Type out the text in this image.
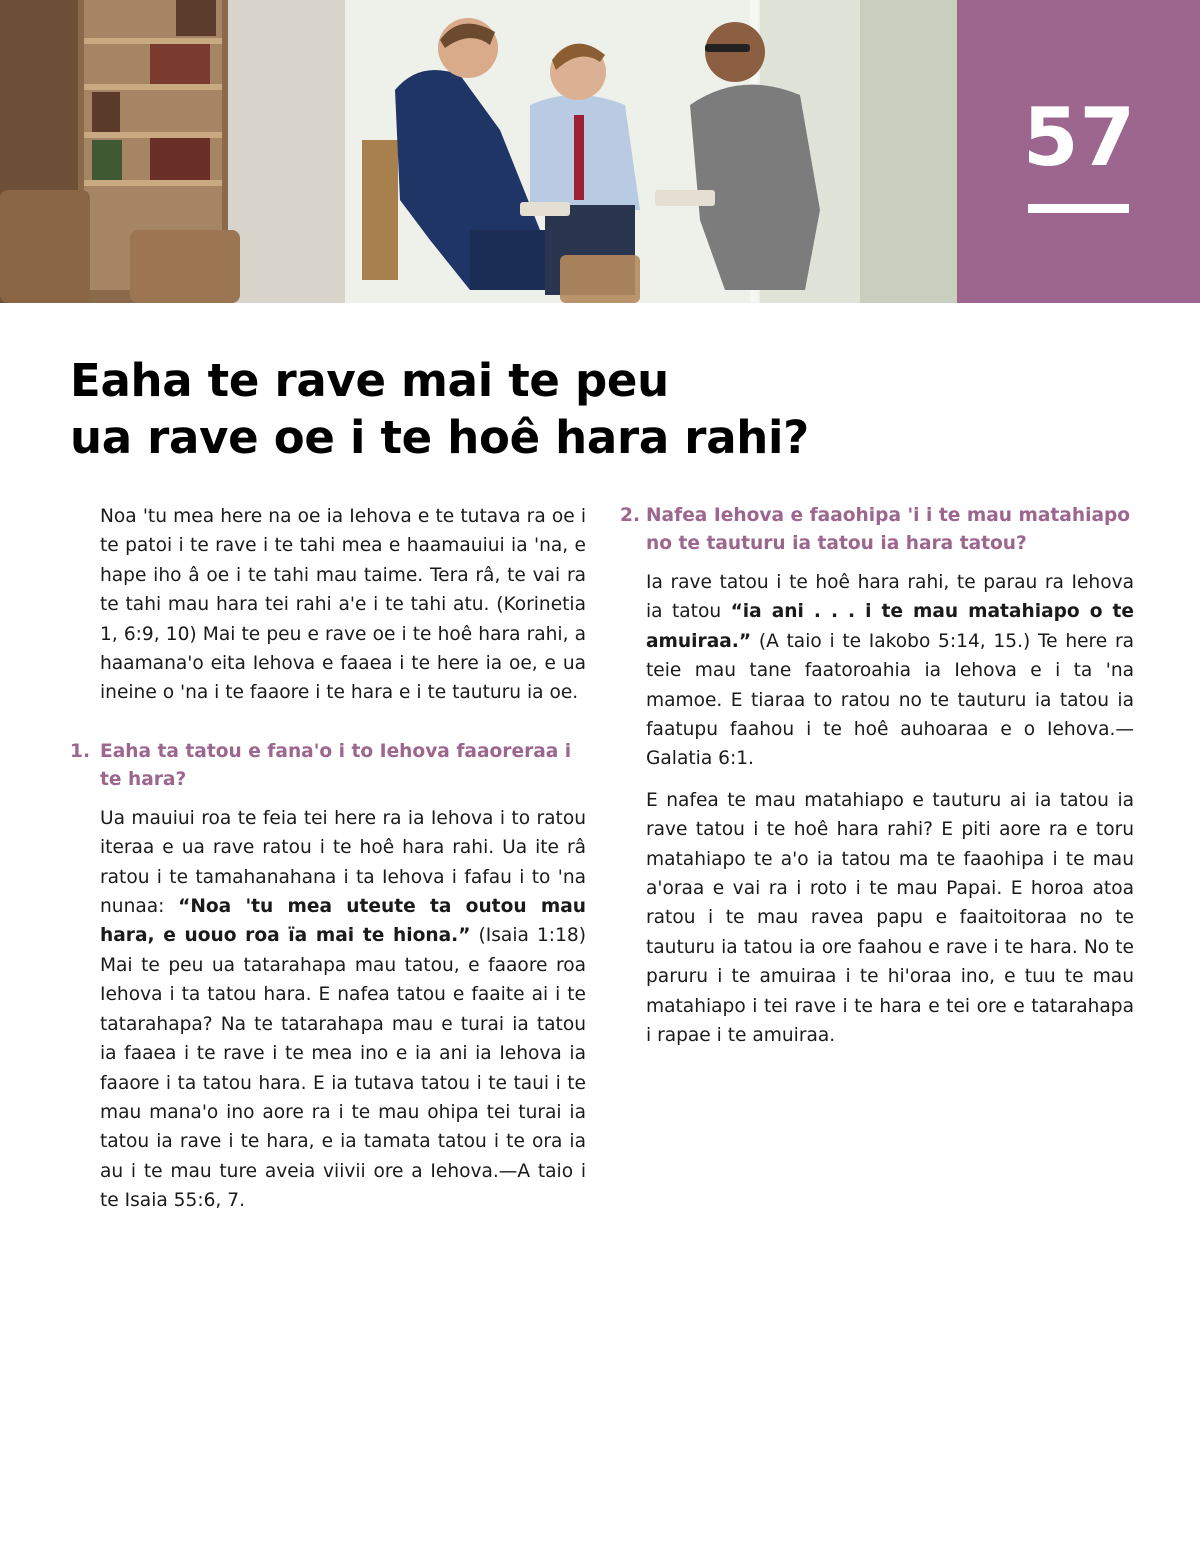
57
Eaha te rave mai te peu
ua rave oe i te hoê hara rahi?

Noa 'tu mea here na oe ia Iehova e te tutava ra oe i te patoi i te rave i te tahi mea e haamauiui ia 'na, e hape iho â oe i te tahi mau taime. Tera râ, te vai ra te tahi mau hara tei rahi a'e i te tahi atu. (Korinetia 1, 6:9, 10) Mai te peu e rave oe i te hoê hara rahi, a haamana'o eita Iehova e faaea i te here ia oe, e ua ineine o 'na i te faaore i te hara e i te tauturu ia oe.

1. Eaha ta tatou e fana'o i to Iehova faaoreraa i te hara?

Ua mauiui roa te feia tei here ra ia Iehova i to ratou iteraa e ua rave ratou i te hoê hara rahi. Ua ite râ ratou i te tamahanahana i ta Iehova i fafau i to 'na nunaa: “Noa 'tu mea uteute ta outou mau hara, e uouo roa ïa mai te hiona.” (Isaia 1:18) Mai te peu ua tatarahapa mau tatou, e faaore roa Iehova i ta tatou hara. E nafea tatou e faaite ai i te tatarahapa? Na te tatarahapa mau e turai ia tatou ia faaea i te rave i te mea ino e ia ani ia Iehova ia faaore i ta tatou hara. E ia tutava tatou i te taui i te mau mana'o ino aore ra i te mau ohipa tei turai ia tatou ia rave i te hara, e ia tamata tatou i te ora ia au i te mau ture aveia viivii ore a Iehova.—A taio i te Isaia 55:6, 7.

2. Nafea Iehova e faaohipa 'i i te mau matahiapo no te tauturu ia tatou ia hara tatou?

Ia rave tatou i te hoê hara rahi, te parau ra Iehova ia tatou “ia ani . . . i te mau matahiapo o te amuiraa.” (A taio i te Iakobo 5:14, 15.) Te here ra teie mau tane faatoroahia ia Iehova e i ta 'na mamoe. E tiaraa to ratou no te tauturu ia tatou ia faatupu faahou i te hoê auhoaraa e o Iehova.—Galatia 6:1.

E nafea te mau matahiapo e tauturu ai ia tatou ia rave tatou i te hoê hara rahi? E piti aore ra e toru matahiapo te a'o ia tatou ma te faaohipa i te mau a'oraa e vai ra i roto i te mau Papai. E horoa atoa ratou i te mau ravea papu e faaitoitoraa no te tauturu ia tatou ia ore faahou e rave i te hara. No te paruru i te amuiraa i te hi'oraa ino, e tuu te mau matahiapo i tei rave i te hara e tei ore e tatarahapa i rapae i te amuiraa.
